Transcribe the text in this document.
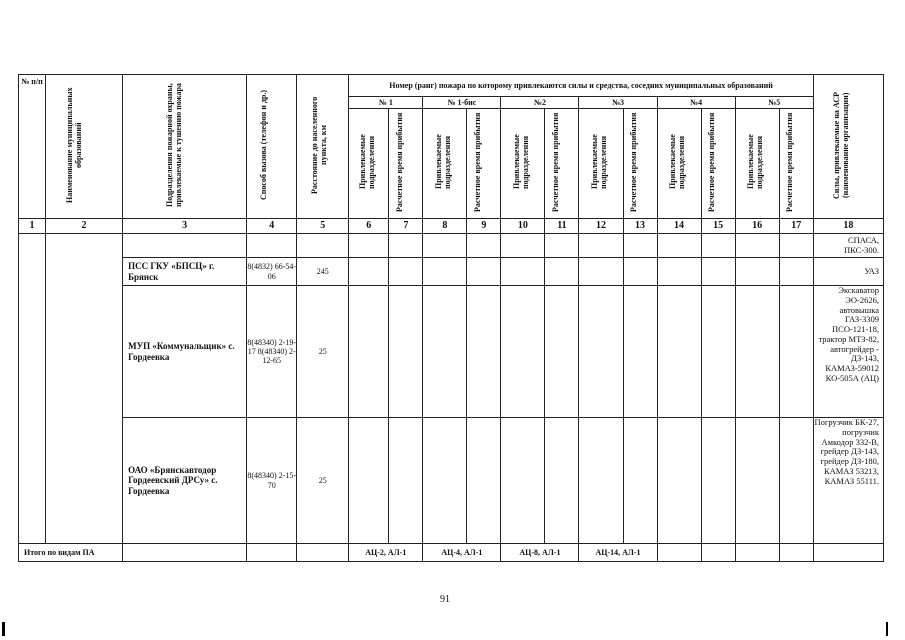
№ п/п	Наименование муниципальных образований	Подразделения пожарной охраны, привлекаемые к тушению пожара	Способ вызова (телефон и др.)	Расстояние до населенного пункта, км	Номер (ранг) пожара по которому привлекаются силы и средства, соседних муниципальных образований												Силы, привлекаемые на АСР (наименование организации)
					№ 1		№ 1-бис		№2		№3		№4		№5		
					Привлекаемые подразделения	Расчетное время прибытия	Привлекаемые подразделения	Расчетное время прибытия	Привлекаемые подразделения	Расчетное время прибытия	Привлекаемые подразделения	Расчетное время прибытия	Привлекаемые подразделения	Расчетное время прибытия	Привлекаемые подразделения	Расчетное время прибытия	
1	2	3	4	5	6	7	8	9	10	11	12	13	14	15	16	17	18
																	СПАСА, ПКС-300.
		ПСС ГКУ «БПСЦ» г. Брянск	8(4832) 66-54-06	245													УАЗ
		МУП «Коммунальщик» с. Гордеевка	8(48340) 2-19-17 8(48340) 2-12-65	25													Экскаватор ЭО-2626, автовышка ГАЗ-3309 ПСО-121-18, трактор МТЗ-82, автогрейдер - ДЗ-143, КАМАЗ-59012 КО-505А (АЦ)
		ОАО «Брянскавтодор Гордеевский ДРСу» с. Гордеевка	8(48340) 2-15-70	25													Погрузчик БК-27, погрузчик Амкодор 332-В, грейдер ДЗ-143, грейдер ДЗ-180, КАМАЗ 53213, КАМАЗ 55111.
Итого по видам ПА					АЦ-2, АЛ-1		АЦ-4, АЛ-1		АЦ-8, АЛ-1		АЦ-14, АЛ-1						
91
